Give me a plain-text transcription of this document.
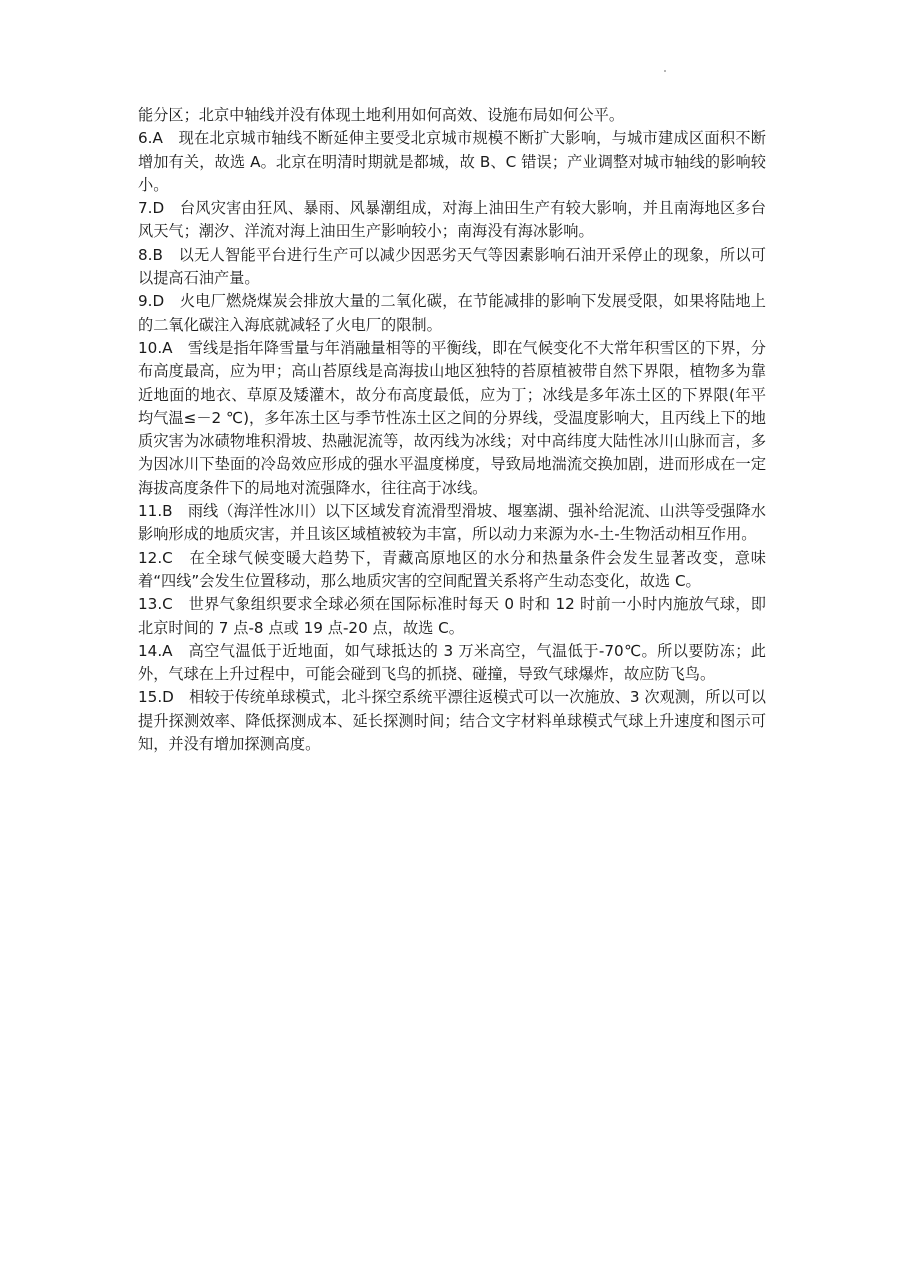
能分区；北京中轴线并没有体现土地利用如何高效、设施布局如何公平。

6.A　现在北京城市轴线不断延伸主要受北京城市规模不断扩大影响，与城市建成区面积不断增加有关，故选 A。北京在明清时期就是都城，故 B、C 错误；产业调整对城市轴线的影响较小。

7.D　台风灾害由狂风、暴雨、风暴潮组成，对海上油田生产有较大影响，并且南海地区多台风天气；潮汐、洋流对海上油田生产影响较小；南海没有海冰影响。

8.B　以无人智能平台进行生产可以减少因恶劣天气等因素影响石油开采停止的现象，所以可以提高石油产量。

9.D　火电厂燃烧煤炭会排放大量的二氧化碳，在节能减排的影响下发展受限，如果将陆地上的二氧化碳注入海底就减轻了火电厂的限制。

10.A　雪线是指年降雪量与年消融量相等的平衡线，即在气候变化不大常年积雪区的下界，分布高度最高，应为甲；高山苔原线是高海拔山地区独特的苔原植被带自然下界限，植物多为靠近地面的地衣、草原及矮灌木，故分布高度最低，应为丁；冰线是多年冻土区的下界限(年平均气温≤－2 ℃)，多年冻土区与季节性冻土区之间的分界线，受温度影响大，且丙线上下的地质灾害为冰碛物堆积滑坡、热融泥流等，故丙线为冰线；对中高纬度大陆性冰川山脉而言，多为因冰川下垫面的冷岛效应形成的强水平温度梯度，导致局地湍流交换加剧，进而形成在一定海拔高度条件下的局地对流强降水，往往高于冰线。

11.B　雨线（海洋性冰川）以下区域发育流滑型滑坡、堰塞湖、强补给泥流、山洪等受强降水影响形成的地质灾害，并且该区域植被较为丰富，所以动力来源为水-土-生物活动相互作用。

12.C　在全球气候变暖大趋势下，青藏高原地区的水分和热量条件会发生显著改变，意味着“四线”会发生位置移动，那么地质灾害的空间配置关系将产生动态变化，故选 C。

13.C　世界气象组织要求全球必须在国际标准时每天 0 时和 12 时前一小时内施放气球，即北京时间的 7 点-8 点或 19 点-20 点，故选 C。

14.A　高空气温低于近地面，如气球抵达的 3 万米高空，气温低于-70℃。所以要防冻；此外，气球在上升过程中，可能会碰到飞鸟的抓挠、碰撞，导致气球爆炸，故应防飞鸟。

15.D　相较于传统单球模式，北斗探空系统平漂往返模式可以一次施放、3 次观测，所以可以提升探测效率、降低探测成本、延长探测时间；结合文字材料单球模式气球上升速度和图示可知，并没有增加探测高度。
